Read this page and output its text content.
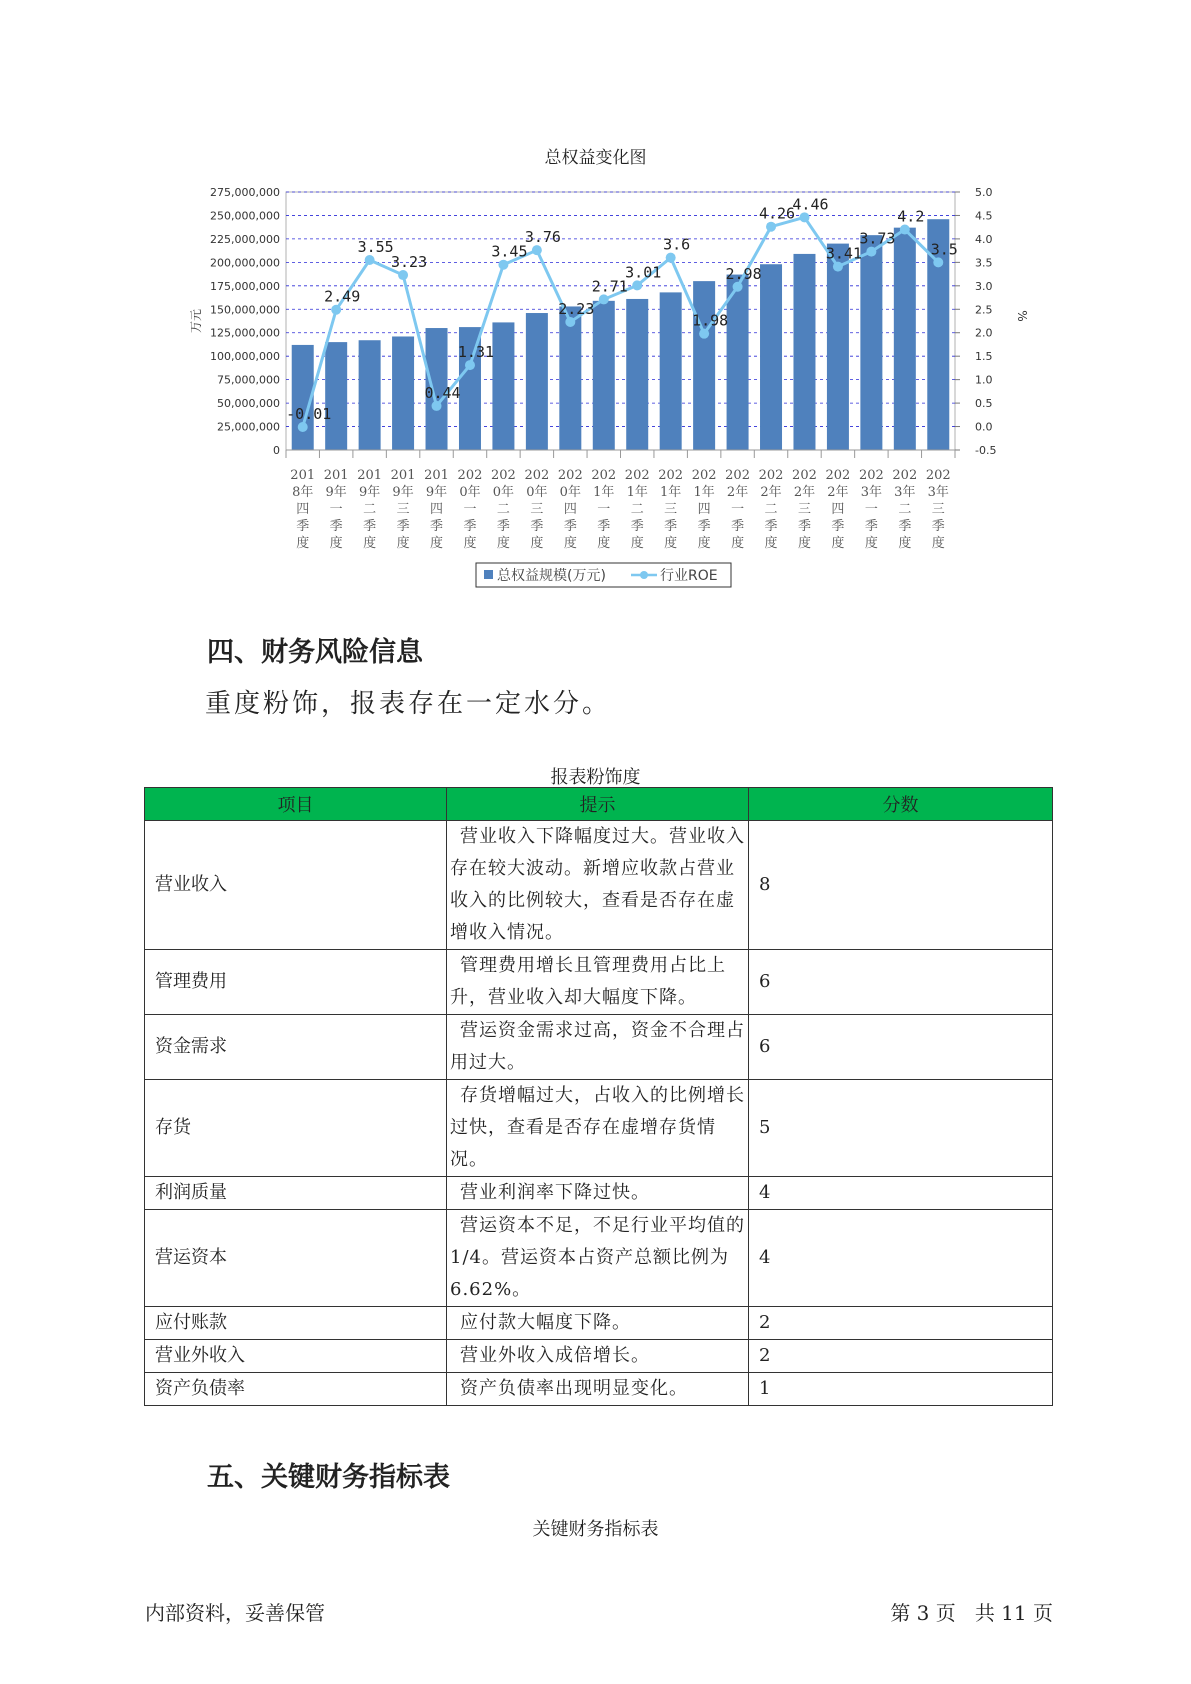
总权益变化图
0
25,000,000
50,000,000
75,000,000
100,000,000
125,000,000
150,000,000
175,000,000
200,000,000
225,000,000
250,000,000
275,000,000
-0.5
0.0
0.5
1.0
1.5
2.0
2.5
3.0
3.5
4.0
4.5
5.0
万元	%
201
8年
四
季
度
201
9年
一
季
度
201
9年
二
季
度
201
9年
三
季
度
201
9年
四
季
度
202
0年
一
季
度
202
0年
二
季
度
202
0年
三
季
度
202
0年
四
季
度
202
1年
一
季
度
202
1年
二
季
度
202
1年
三
季
度
202
1年
四
季
度
202
2年
一
季
度
202
2年
二
季
度
202
2年
三
季
度
202
2年
四
季
度
202
3年
一
季
度
202
3年
二
季
度
202
3年
三
季
度
-0.01
2.49
3.55
3.23
0.44
1.31
3.45
3.76
2.23
2.71
3.01
3.6
1.98
2.98
4.26
4.46
3.41
3.73
4.2
3.5
总权益规模(万元)	行业ROE
四、财务风险信息
重度粉饰，报表存在一定水分。
报表粉饰度
项目	提示	分数
营业收入	营业收入下降幅度过大。营业收入存在较大波动。新增应收款占营业收入的比例较大，查看是否存在虚增收入情况。	8
管理费用	管理费用增长且管理费用占比上升，营业收入却大幅度下降。	6
资金需求	营运资金需求过高，资金不合理占用过大。	6
存货	存货增幅过大，占收入的比例增长过快，查看是否存在虚增存货情况。	5
利润质量	营业利润率下降过快。	4
营运资本	营运资本不足，不足行业平均值的1/4。营运资本占资产总额比例为6.62%。	4
应付账款	应付款大幅度下降。	2
营业外收入	营业外收入成倍增长。	2
资产负债率	资产负债率出现明显变化。	1
五、关键财务指标表
关键财务指标表
内部资料，妥善保管	第 3 页   共 11 页
